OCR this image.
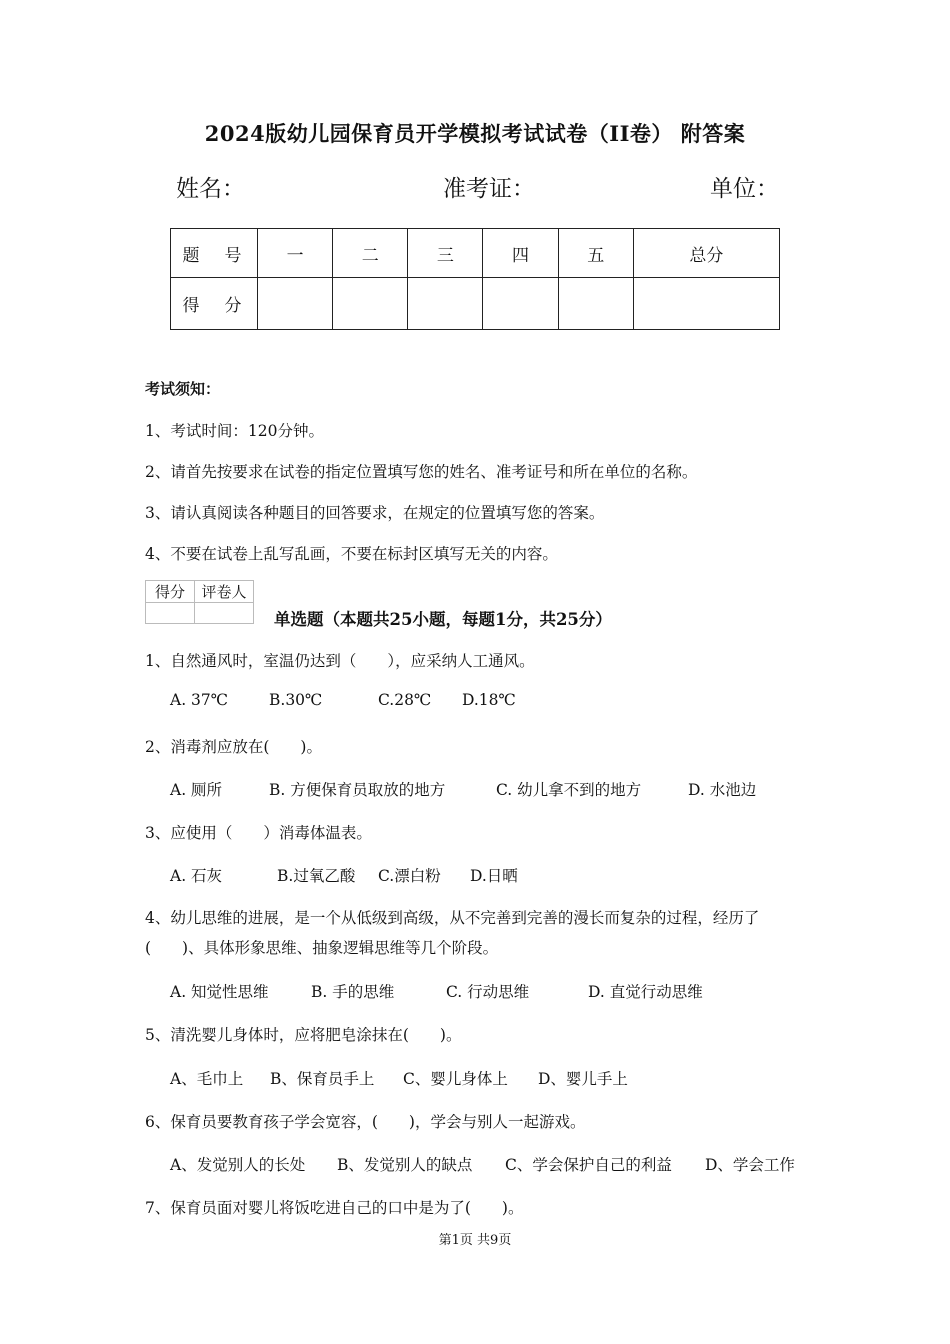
2024版幼儿园保育员开学模拟考试试卷（II卷） 附答案
姓名：	准考证：	单位：
题　号	一	二	三	四	五	总分
得　分						
考试须知：
1、考试时间：120分钟。
2、请首先按要求在试卷的指定位置填写您的姓名、准考证号和所在单位的名称。
3、请认真阅读各种题目的回答要求，在规定的位置填写您的答案。
4、不要在试卷上乱写乱画，不要在标封区填写无关的内容。
得分	评卷人

单选题（本题共25小题，每题1分，共25分）
1、自然通风时，室温仍达到（　　），应采纳人工通风。
A. 37℃	B.30℃	C.28℃ D.18℃
2、消毒剂应放在(　　)。
A. 厕所	B. 方便保育员取放的地方	C. 幼儿拿不到的地方	D. 水池边
3、应使用（　　）消毒体温表。
A. 石灰	B.过氧乙酸 C.漂白粉 D.日晒
4、幼儿思维的进展，是一个从低级到高级，从不完善到完善的漫长而复杂的过程，经历了
(　　)、具体形象思维、抽象逻辑思维等几个阶段。
A. 知觉性思维	B. 手的思维	C. 行动思维	D. 直觉行动思维
5、清洗婴儿身体时，应将肥皂涂抹在(　　)。
A、毛巾上 B、保育员手上 C、婴儿身体上 D、婴儿手上
6、保育员要教育孩子学会宽容，(　　)，学会与别人一起游戏。
A、发觉别人的长处 B、发觉别人的缺点 C、学会保护自己的利益 D、学会工作
7、保育员面对婴儿将饭吃进自己的口中是为了(　　)。
第1页 共9页
